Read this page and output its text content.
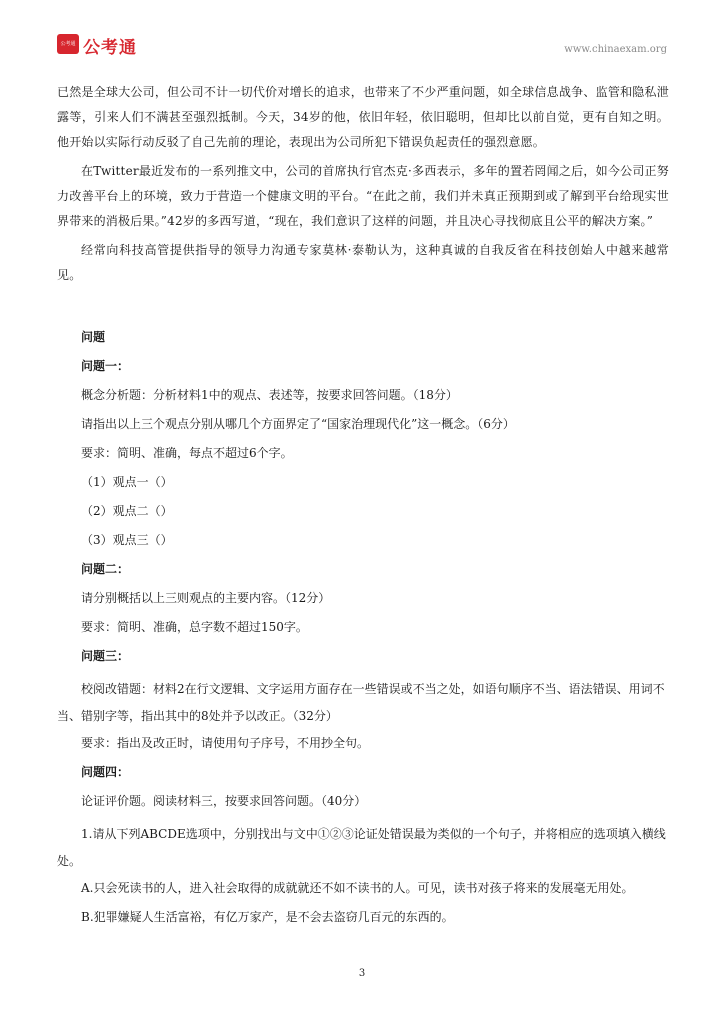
公考通 公考通	www.chinaexam.org

已然是全球大公司，但公司不计一切代价对增长的追求，也带来了不少严重问题，如全球信息战争、监管和隐私泄露等，引来人们不满甚至强烈抵制。今天，34岁的他，依旧年轻，依旧聪明，但却比以前自觉，更有自知之明。他开始以实际行动反驳了自己先前的理论，表现出为公司所犯下错误负起责任的强烈意愿。

在Twitter最近发布的一系列推文中，公司的首席执行官杰克·多西表示，多年的置若罔闻之后，如今公司正努力改善平台上的环境，致力于营造一个健康文明的平台。“在此之前，我们并未真正预期到或了解到平台给现实世界带来的消极后果。”42岁的多西写道，“现在，我们意识了这样的问题，并且决心寻找彻底且公平的解决方案。”

经常向科技高管提供指导的领导力沟通专家莫林·泰勒认为，这种真诚的自我反省在科技创始人中越来越常见。

问题
问题一：
概念分析题：分析材料1中的观点、表述等，按要求回答问题。（18分）
请指出以上三个观点分别从哪几个方面界定了“国家治理现代化”这一概念。（6分）
要求：简明、准确，每点不超过6个字。
（1）观点一（）
（2）观点二（）
（3）观点三（）
问题二：
请分别概括以上三则观点的主要内容。（12分）
要求：简明、准确，总字数不超过150字。
问题三：

校阅改错题：材料2在行文逻辑、文字运用方面存在一些错误或不当之处，如语句顺序不当、语法错误、用词不当、错别字等，指出其中的8处并予以改正。（32分）

要求：指出及改正时，请使用句子序号，不用抄全句。
问题四：
论证评价题。阅读材料三，按要求回答问题。（40分）

1.请从下列ABCDE选项中，分别找出与文中①②③论证处错误最为类似的一个句子，并将相应的选项填入横线处。

A.只会死读书的人，进入社会取得的成就就还不如不读书的人。可见，读书对孩子将来的发展毫无用处。
B.犯罪嫌疑人生活富裕，有亿万家产，是不会去盗窃几百元的东西的。
3
